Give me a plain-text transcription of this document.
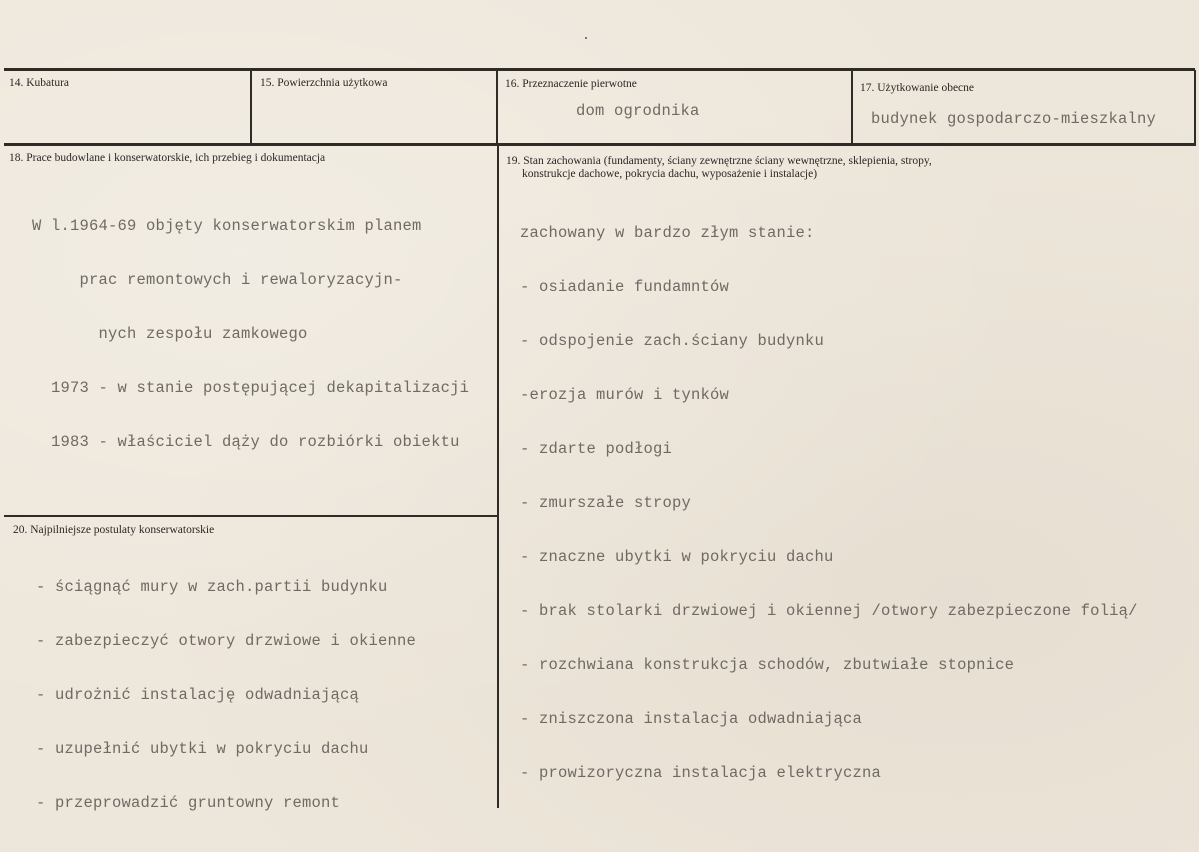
14. Kubatura	15. Powierzchnia użytkowa	16. Przeznaczenie pierwotne
dom ogrodnika
17. Użytkowanie obecne
budynek gospodarczo-mieszkalny
18. Prace budowlane i konserwatorskie, ich przebieg i dokumentacja

W l.1964-69 objęty konserwatorskim planem

prac remontowych i rewaloryzacyjn-

nych zespołu zamkowego

1973 - w stanie postępującej dekapitalizacji

1983 - właściciel dąży do rozbiórki obiektu

19. Stan zachowania (fundamenty, ściany zewnętrzne ściany wewnętrzne, sklepienia, stropy,
konstrukcje dachowe, pokrycia dachu, wyposażenie i instalacje)

zachowany w bardzo złym stanie:

- osiadanie fundamntów

- odspojenie zach.ściany budynku

-erozja murów i tynków

- zdarte podłogi

- zmurszałe stropy

- znaczne ubytki w pokryciu dachu

- brak stolarki drzwiowej i okiennej /otwory zabezpieczone folią/

- rozchwiana konstrukcja schodów, zbutwiałe stopnice

- zniszczona instalacja odwadniająca

- prowizoryczna instalacja elektryczna

20. Najpilniejsze postulaty konserwatorskie

- ściągnąć mury w zach.partii budynku

- zabezpieczyć otwory drzwiowe i okienne

- udrożnić instalację odwadniającą

- uzupełnić ubytki w pokryciu dachu

- przeprowadzić gruntowny remont
